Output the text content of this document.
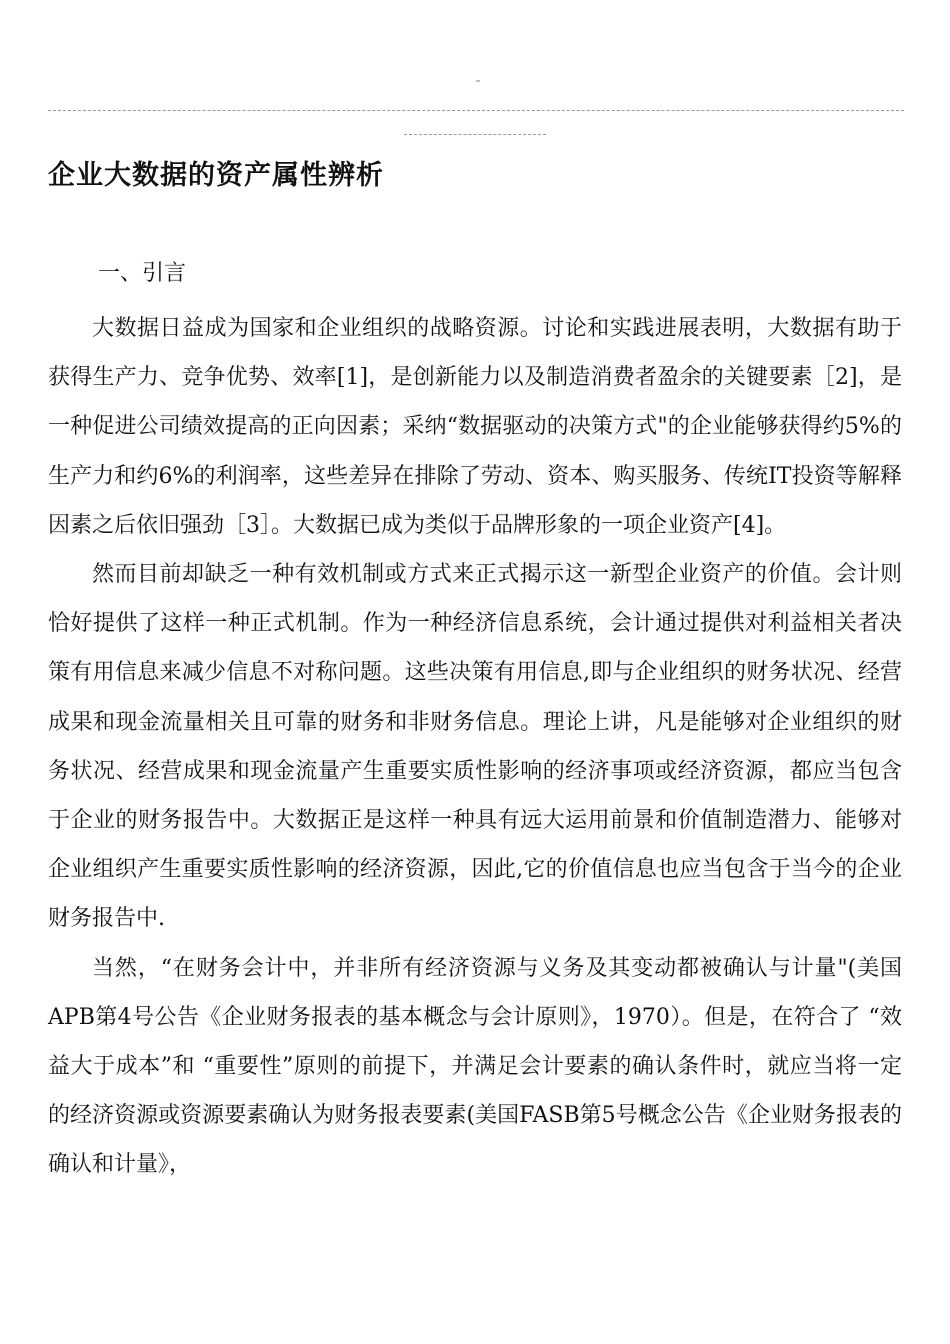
企业大数据的资产属性辨析
一、引言

大数据日益成为国家和企业组织的战略资源。讨论和实践进展表明，大数据有助于获得生产力、竞争优势、效率[1]，是创新能力以及制造消费者盈余的关键要素［2]，是一种促进公司绩效提高的正向因素；采纳“数据驱动的决策方式"的企业能够获得约5%的生产力和约6%的利润率，这些差异在排除了劳动、资本、购买服务、传统IT投资等解释因素之后依旧强劲［3］。大数据已成为类似于品牌形象的一项企业资产[4]。

然而目前却缺乏一种有效机制或方式来正式揭示这一新型企业资产的价值。会计则恰好提供了这样一种正式机制。作为一种经济信息系统，会计通过提供对利益相关者决策有用信息来减少信息不对称问题。这些决策有用信息,即与企业组织的财务状况、经营成果和现金流量相关且可靠的财务和非财务信息。理论上讲，凡是能够对企业组织的财务状况、经营成果和现金流量产生重要实质性影响的经济事项或经济资源，都应当包含于企业的财务报告中。大数据正是这样一种具有远大运用前景和价值制造潜力、能够对企业组织产生重要实质性影响的经济资源，因此,它的价值信息也应当包含于当今的企业财务报告中.

当然，“在财务会计中，并非所有经济资源与义务及其变动都被确认与计量"(美国APB第4号公告《企业财务报表的基本概念与会计原则》，1970）。但是，在符合了 “效益大于成本”和 “重要性”原则的前提下，并满足会计要素的确认条件时，就应当将一定的经济资源或资源要素确认为财务报表要素(美国FASB第5号概念公告《企业财务报表的确认和计量》，
